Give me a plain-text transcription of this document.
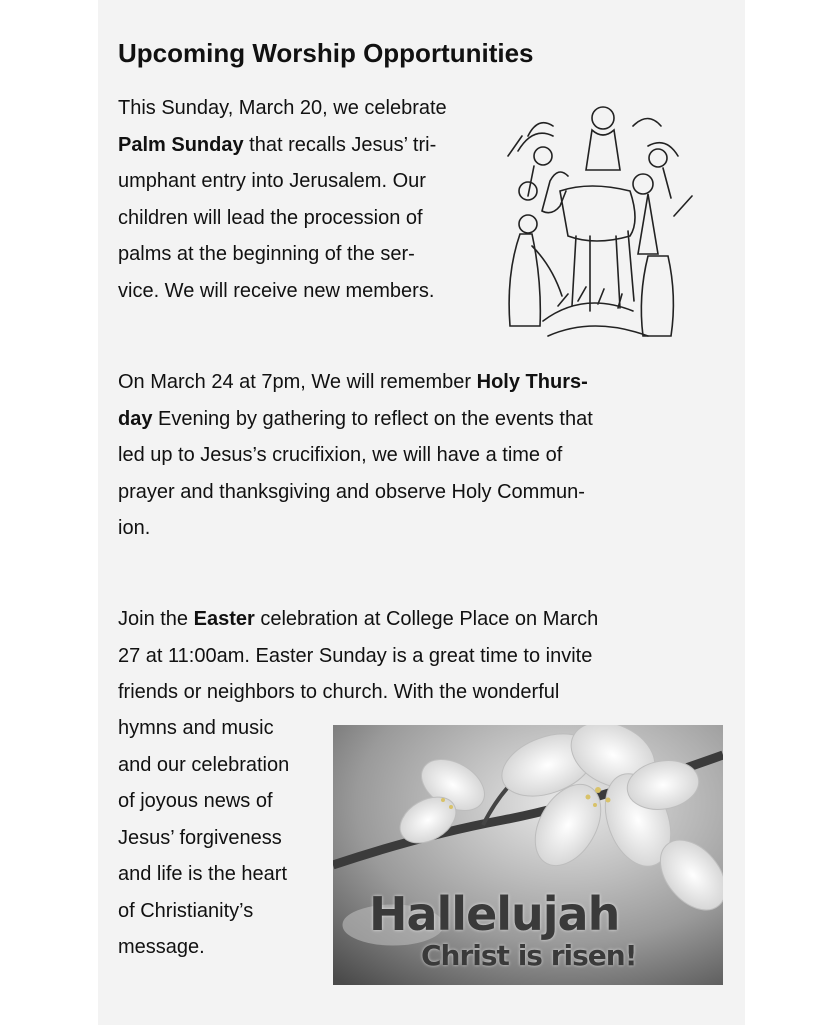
Upcoming Worship Opportunities
This Sunday, March 20, we celebrate
Palm Sunday that recalls Jesus’ tri-
umphant entry into Jerusalem. Our
children will lead the procession of
palms at the beginning of the ser-
vice. We will receive new members.
On March 24 at 7pm, We will remember Holy Thurs-
day Evening by gathering to reflect on the events that
led up to Jesus’s crucifixion, we will have a time of
prayer and thanksgiving and observe Holy Commun-
ion.
Join the Easter celebration at College Place on March
27 at 11:00am. Easter Sunday is a great time to invite
friends or neighbors to church. With the wonderful
hymns and music
and our celebration
of joyous news of
Jesus’ forgiveness
and life is the heart
of Christianity’s
message.
Hallelujah
Christ is risen!
